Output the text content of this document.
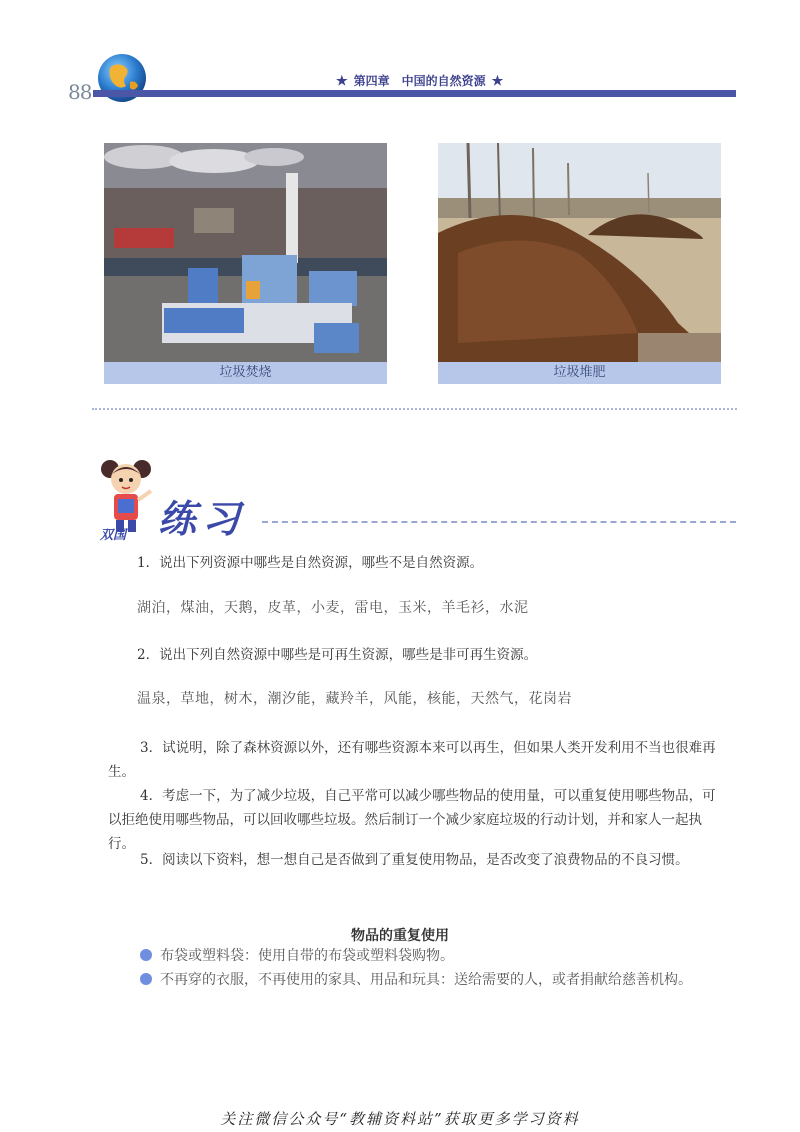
88	★ 第四章　中国的自然资源 ★
垃圾焚烧	垃圾堆肥
双国 练习
1．说出下列资源中哪些是自然资源，哪些不是自然资源。
湖泊，煤油，天鹅，皮革，小麦，雷电，玉米，羊毛衫，水泥
2．说出下列自然资源中哪些是可再生资源，哪些是非可再生资源。
温泉，草地，树木，潮汐能，藏羚羊，风能，核能，天然气，花岗岩
3．试说明，除了森林资源以外，还有哪些资源本来可以再生，但如果人类开发利用不当也很难再生。
4．考虑一下，为了减少垃圾，自己平常可以减少哪些物品的使用量，可以重复使用哪些物品，可以拒绝使用哪些物品，可以回收哪些垃圾。然后制订一个减少家庭垃圾的行动计划，并和家人一起执行。
5．阅读以下资料，想一想自己是否做到了重复使用物品，是否改变了浪费物品的不良习惯。
物品的重复使用
布袋或塑料袋：使用自带的布袋或塑料袋购物。
不再穿的衣服，不再使用的家具、用品和玩具：送给需要的人，或者捐献给慈善机构。
关注微信公众号“教辅资料站”获取更多学习资料
